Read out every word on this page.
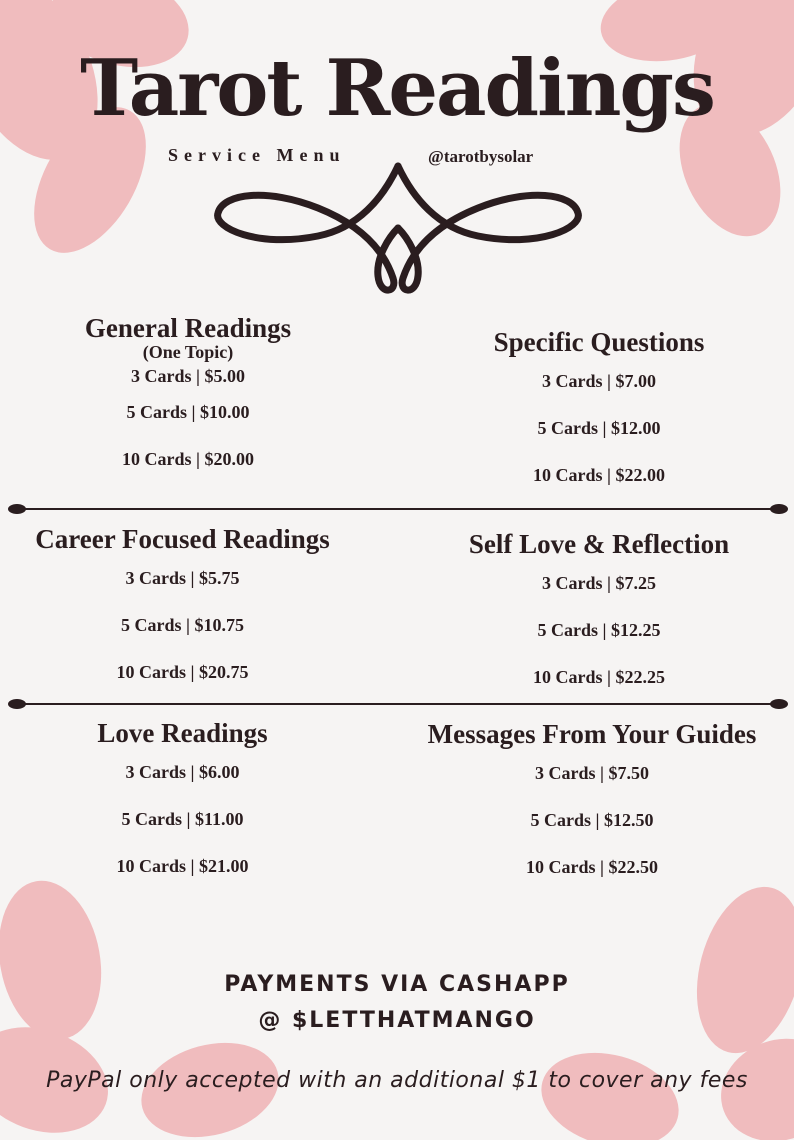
Tarot Readings
Service Menu	@tarotbysolar
General Readings
(One Topic)
3 Cards | $5.00
5 Cards | $10.00
10 Cards | $20.00
Specific Questions
3 Cards | $7.00
5 Cards | $12.00
10 Cards | $22.00
Career Focused Readings
3 Cards | $5.75
5 Cards | $10.75
10 Cards | $20.75
Self Love & Reflection
3 Cards | $7.25
5 Cards | $12.25
10 Cards | $22.25
Love Readings
3 Cards | $6.00
5 Cards | $11.00
10 Cards | $21.00
Messages From Your Guides
3 Cards | $7.50
5 Cards | $12.50
10 Cards | $22.50
PAYMENTS VIA CASHAPP
@ $LETTHATMANGO
PayPal only accepted with an additional $1 to cover any fees
